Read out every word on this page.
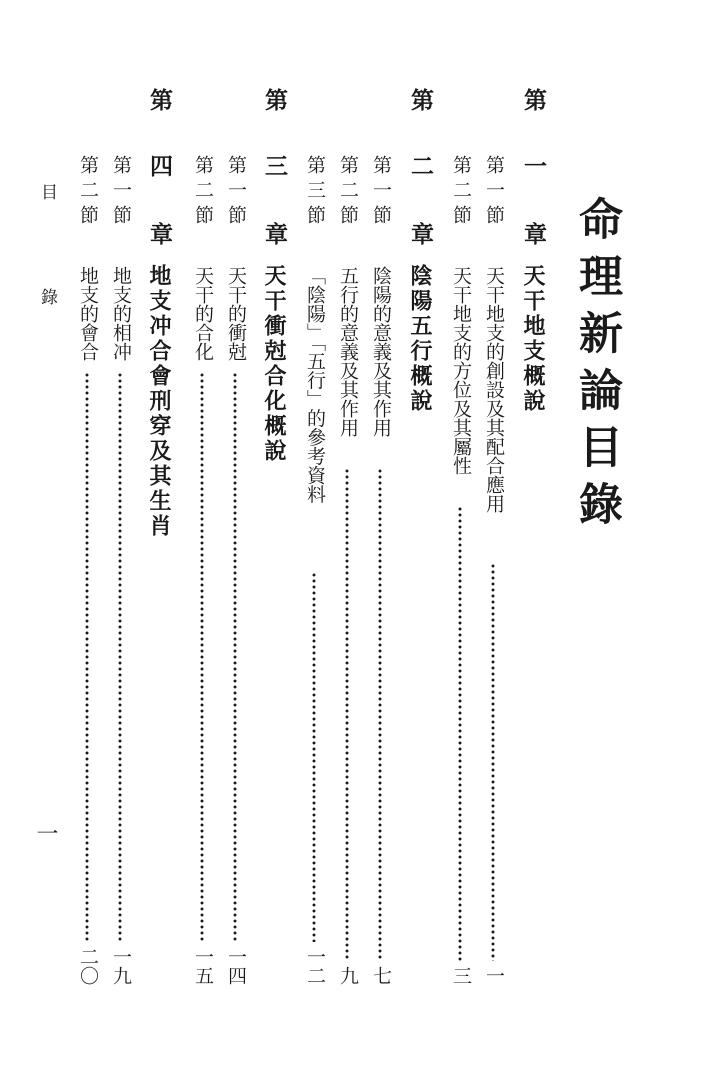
命理新論目錄
第
一
章
天干地支概說
第一節
天干地支的創設及其配合應用
一
第二節
天干地支的方位及其屬性
三
第
二
章
陰陽五行概說
第一節
陰陽的意義及其作用
七
第二節
五行的意義及其作用
九
第三節
「陰陽」「五行」的參考資料
一二
第
三
章
天干衝尅合化概說
第一節
天干的衝尅
一四
第二節
天干的合化
一五
第
四
章
地支冲合會刑穿及其生肖
第一節
地支的相冲
一九
第二節
地支的會合
二〇
目錄
一
